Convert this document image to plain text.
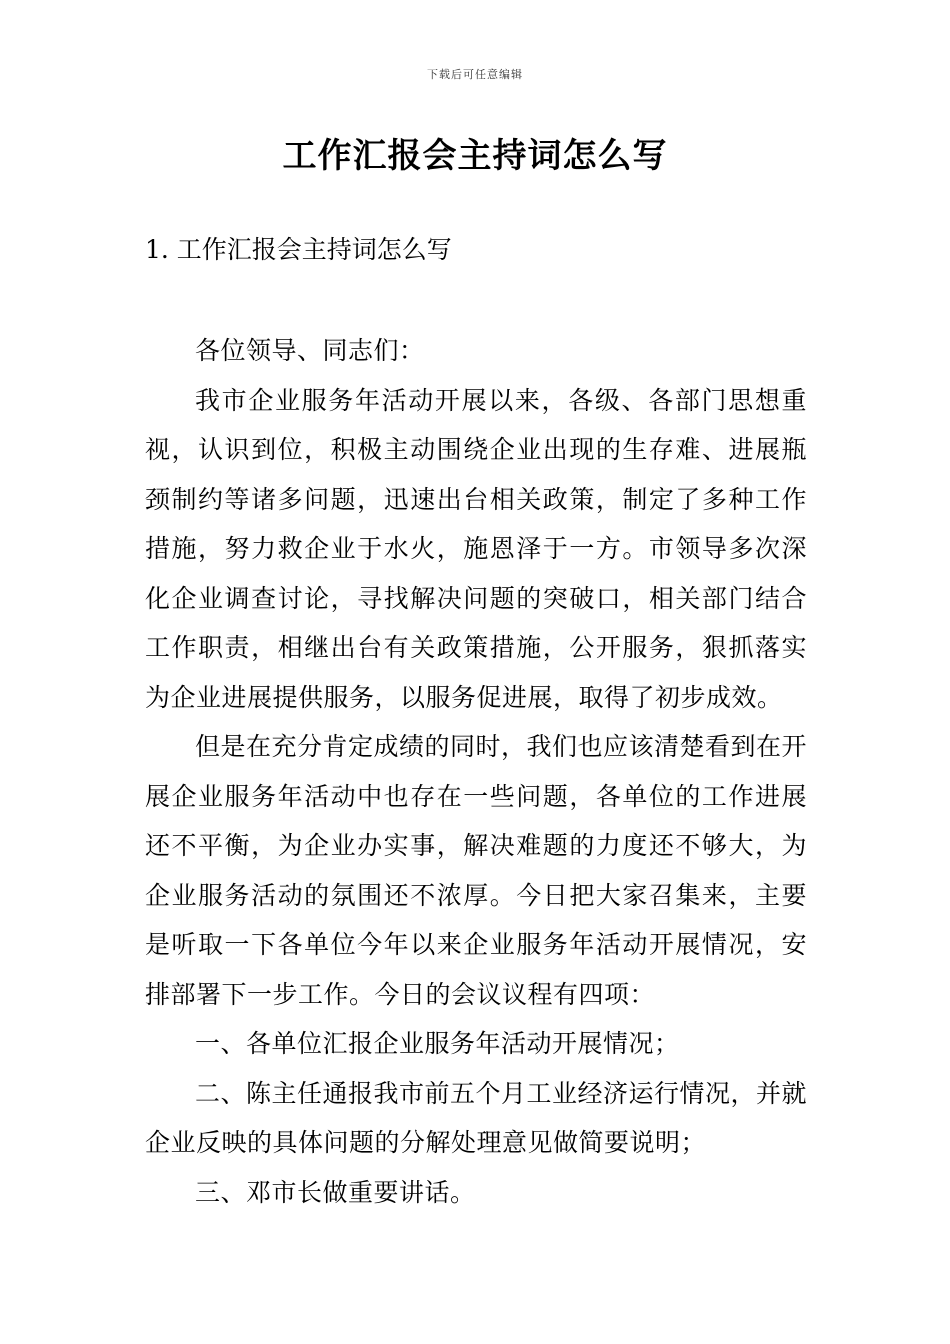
下载后可任意编辑
工作汇报会主持词怎么写
1. 工作汇报会主持词怎么写

各位领导、同志们：

我市企业服务年活动开展以来，各级、各部门思想重视，认识到位，积极主动围绕企业出现的生存难、进展瓶颈制约等诸多问题，迅速出台相关政策，制定了多种工作措施，努力救企业于水火，施恩泽于一方。市领导多次深化企业调查讨论，寻找解决问题的突破口，相关部门结合工作职责，相继出台有关政策措施，公开服务，狠抓落实为企业进展提供服务，以服务促进展，取得了初步成效。

但是在充分肯定成绩的同时，我们也应该清楚看到在开展企业服务年活动中也存在一些问题，各单位的工作进展还不平衡，为企业办实事，解决难题的力度还不够大，为企业服务活动的氛围还不浓厚。今日把大家召集来，主要是听取一下各单位今年以来企业服务年活动开展情况，安排部署下一步工作。今日的会议议程有四项：

一、各单位汇报企业服务年活动开展情况；

二、陈主任通报我市前五个月工业经济运行情况，并就企业反映的具体问题的分解处理意见做简要说明；

三、邓市长做重要讲话。
